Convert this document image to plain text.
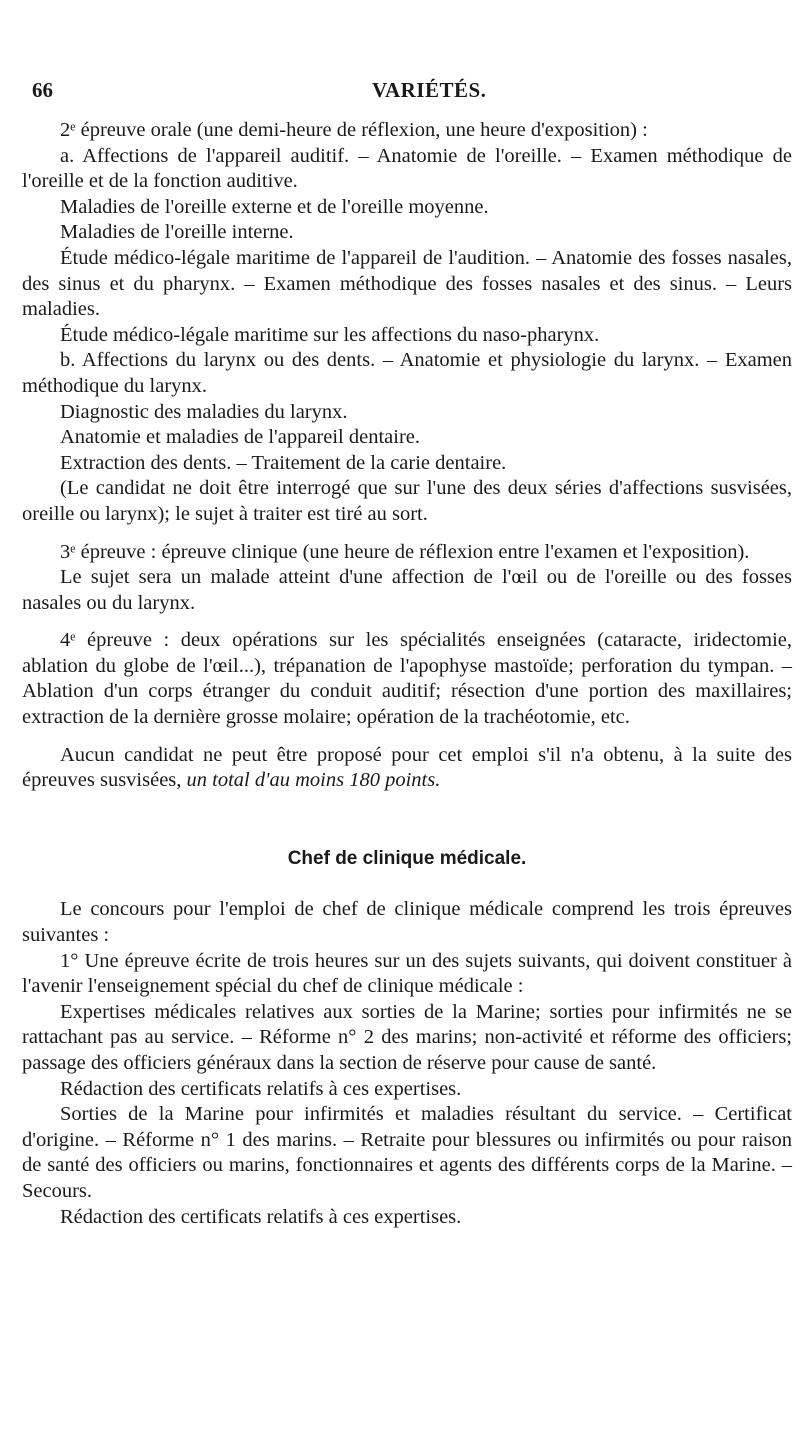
66	VARIÉTÉS.

2ᵉ épreuve orale (une demi-heure de réflexion, une heure d'exposition) :

a. Affections de l'appareil auditif. – Anatomie de l'oreille. – Examen méthodique de l'oreille et de la fonction auditive.

Maladies de l'oreille externe et de l'oreille moyenne.

Maladies de l'oreille interne.

Étude médico-légale maritime de l'appareil de l'audition. – Anatomie des fosses nasales, des sinus et du pharynx. – Examen méthodique des fosses nasales et des sinus. – Leurs maladies.

Étude médico-légale maritime sur les affections du naso-pharynx.

b. Affections du larynx ou des dents. – Anatomie et physiologie du larynx. – Examen méthodique du larynx.

Diagnostic des maladies du larynx.

Anatomie et maladies de l'appareil dentaire.

Extraction des dents. – Traitement de la carie dentaire.

(Le candidat ne doit être interrogé que sur l'une des deux séries d'affections susvisées, oreille ou larynx); le sujet à traiter est tiré au sort.

3ᵉ épreuve : épreuve clinique (une heure de réflexion entre l'examen et l'exposition).

Le sujet sera un malade atteint d'une affection de l'œil ou de l'oreille ou des fosses nasales ou du larynx.

4ᵉ épreuve : deux opérations sur les spécialités enseignées (cataracte, iridectomie, ablation du globe de l'œil...), trépanation de l'apophyse mastoïde; perforation du tympan. – Ablation d'un corps étranger du conduit auditif; résection d'une portion des maxillaires; extraction de la dernière grosse molaire; opération de la trachéotomie, etc.

Aucun candidat ne peut être proposé pour cet emploi s'il n'a obtenu, à la suite des épreuves susvisées, un total d'au moins 180 points.

Chef de clinique médicale.

Le concours pour l'emploi de chef de clinique médicale comprend les trois épreuves suivantes :

1° Une épreuve écrite de trois heures sur un des sujets suivants, qui doivent constituer à l'avenir l'enseignement spécial du chef de clinique médicale :

Expertises médicales relatives aux sorties de la Marine; sorties pour infirmités ne se rattachant pas au service. – Réforme n° 2 des marins; non-activité et réforme des officiers; passage des officiers généraux dans la section de réserve pour cause de santé.

Rédaction des certificats relatifs à ces expertises.

Sorties de la Marine pour infirmités et maladies résultant du service. – Certificat d'origine. – Réforme n° 1 des marins. – Retraite pour blessures ou infirmités ou pour raison de santé des officiers ou marins, fonctionnaires et agents des différents corps de la Marine. – Secours.

Rédaction des certificats relatifs à ces expertises.
